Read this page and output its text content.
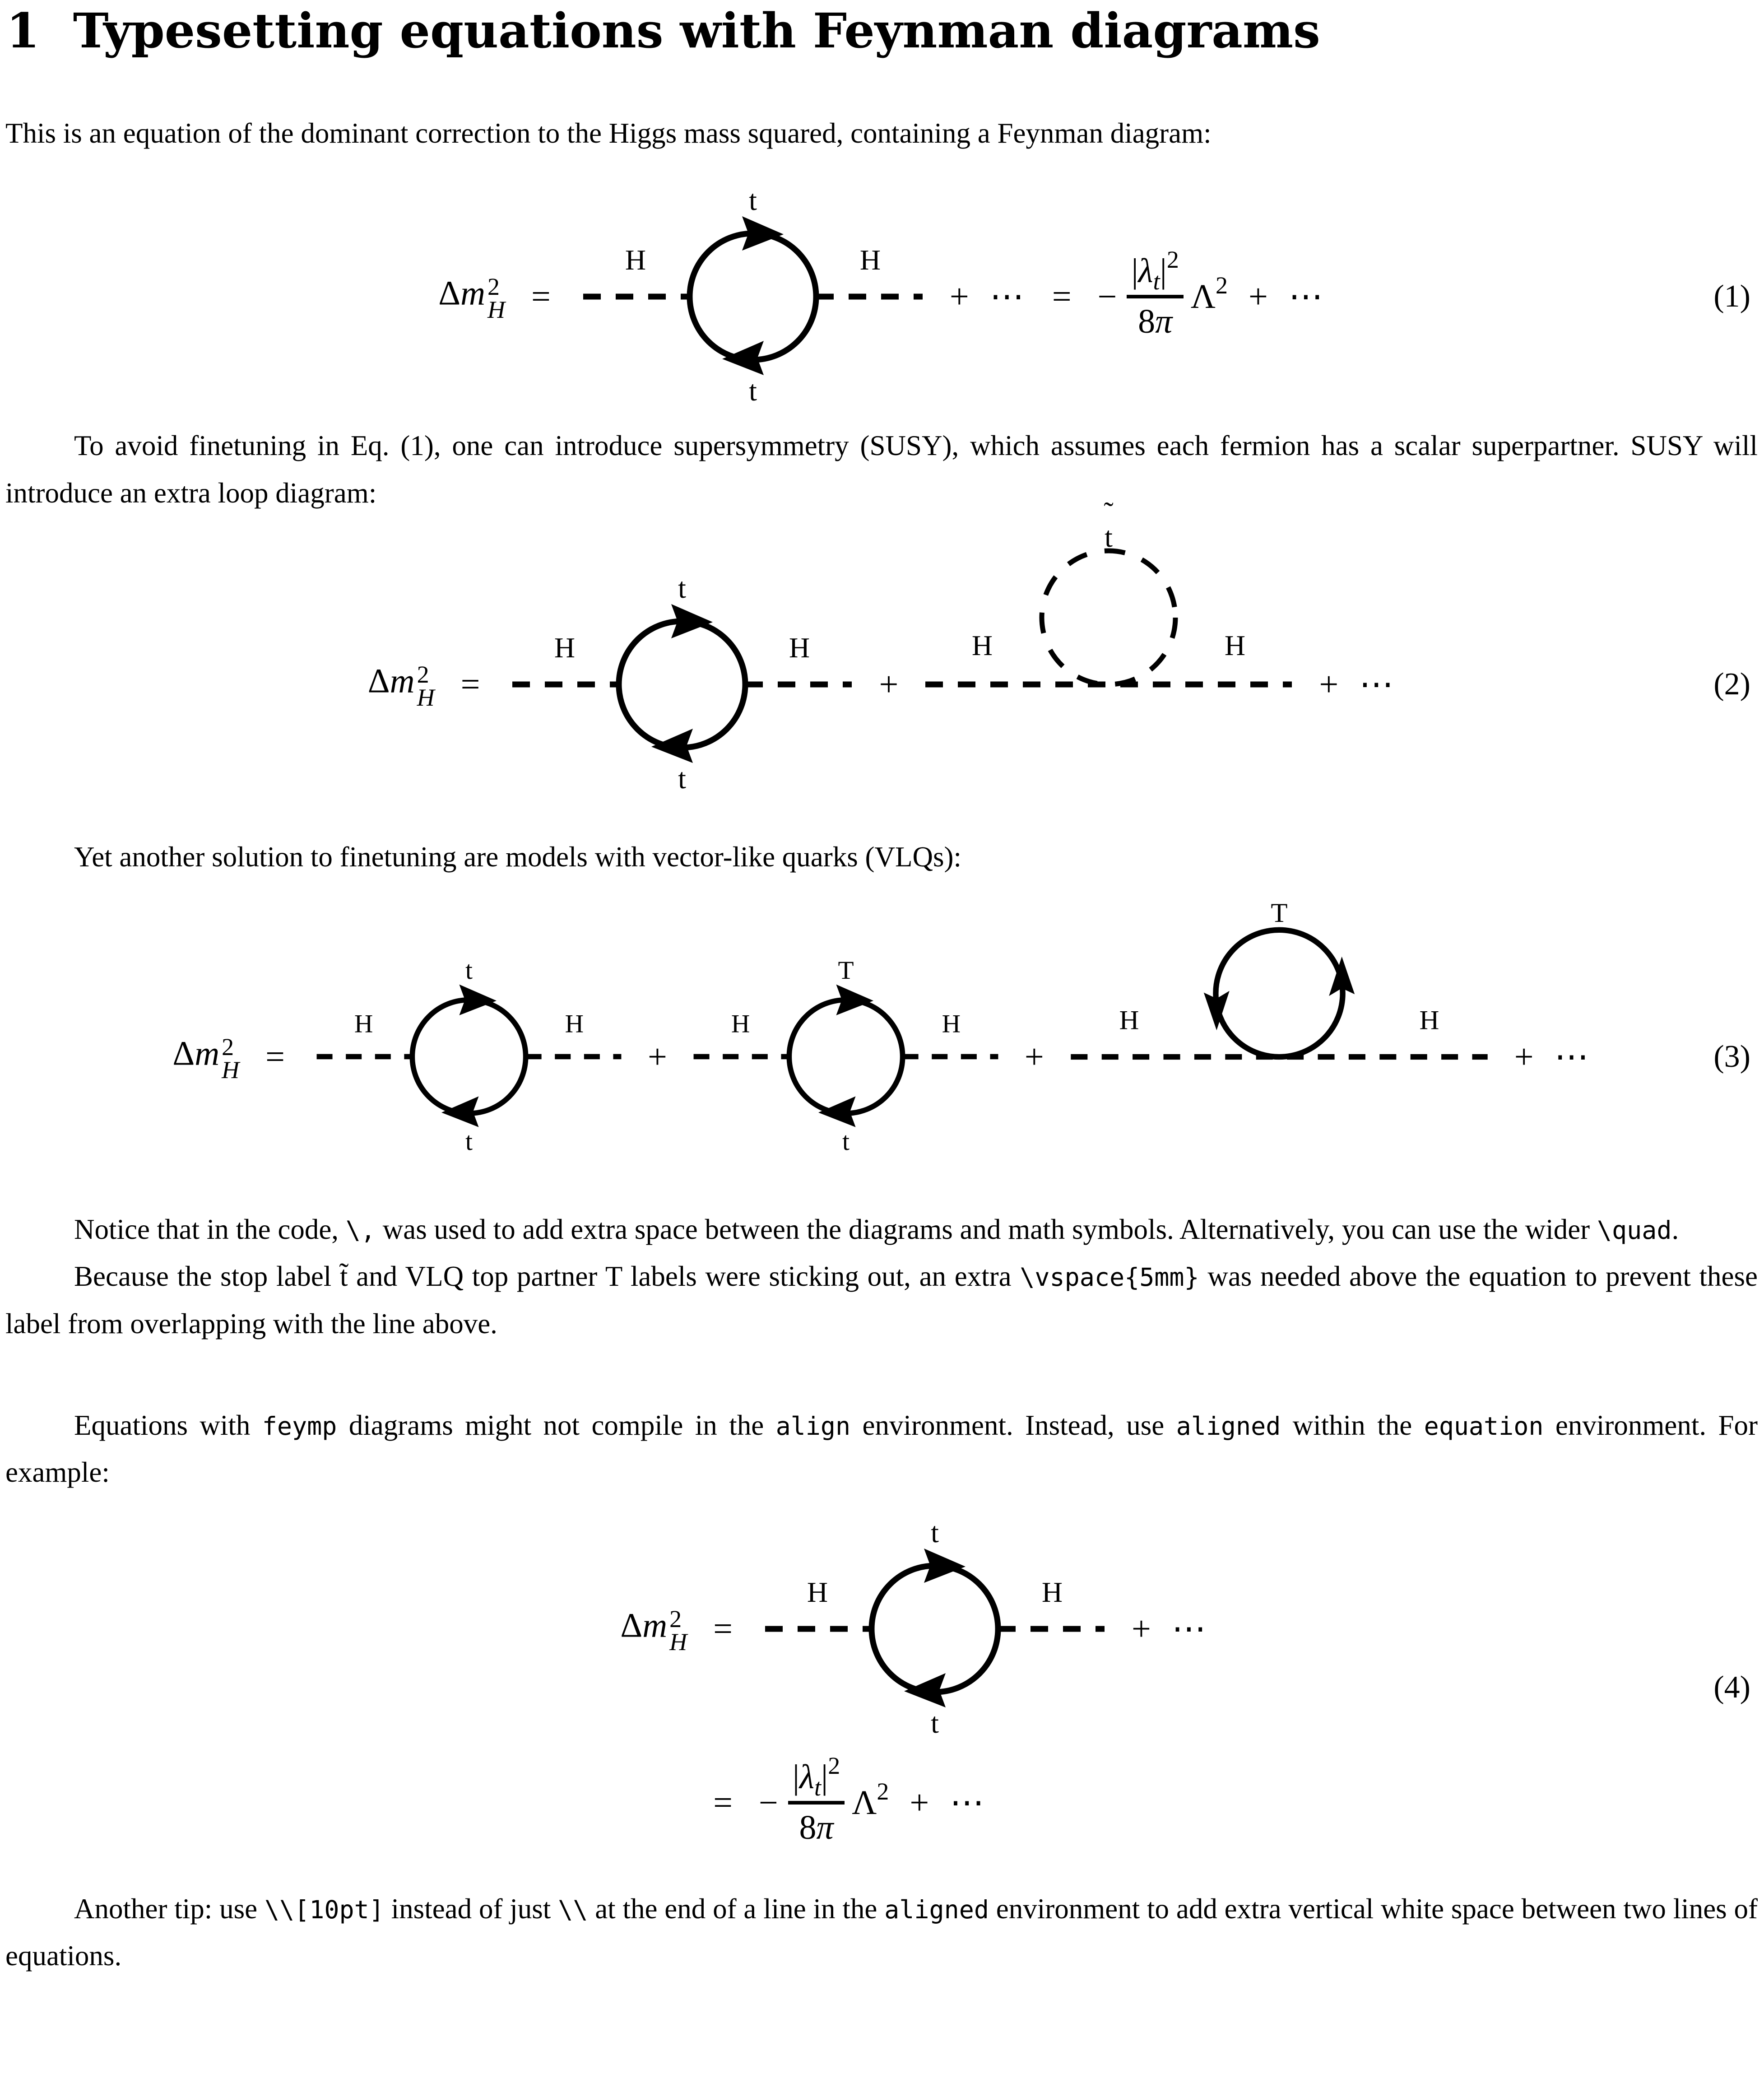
1 Typesetting equations with Feynman diagrams

This is an equation of the dominant correction to the Higgs mass squared, containing a Feynman diagram:

Δm 2
H =
H	H
t
t
+ ⋯ = − $\frac{|\lambda_t|^2}{8\pi} \Lambda^2$ + ⋯	(1)

To avoid finetuning in Eq. (1), one can introduce supersymmetry (SUSY), which assumes each fermion has a scalar superpartner. SUSY will introduce an extra loop diagram:

Δm 2
H =
H	H
t
t
+
H	H
˜
t
+ ⋯	(2)

Yet another solution to finetuning are models with vector-like quarks (VLQs):

Δm 2
H =
H	H
t
t
+
H	H
T
t
+
H	H
T
+ ⋯	(3)

Notice that in the code, \, was used to add extra space between the diagrams and math symbols. Alternatively, you can use the wider \quad.

Because the stop label t̃ and VLQ top partner T labels were sticking out, an extra \vspace{5mm} was needed above the equation to prevent these label from overlapping with the line above.

Equations with feymp diagrams might not compile in the align environment. Instead, use aligned within the equation environment. For example:

Δm 2
H =
H	H
t
t
+ ⋯
= − $\frac{|\lambda_t|^2}{8\pi} \Lambda^2$ + ⋯
(4)

Another tip: use \\[10pt] instead of just \\ at the end of a line in the aligned environment to add extra vertical white space between two lines of equations.
